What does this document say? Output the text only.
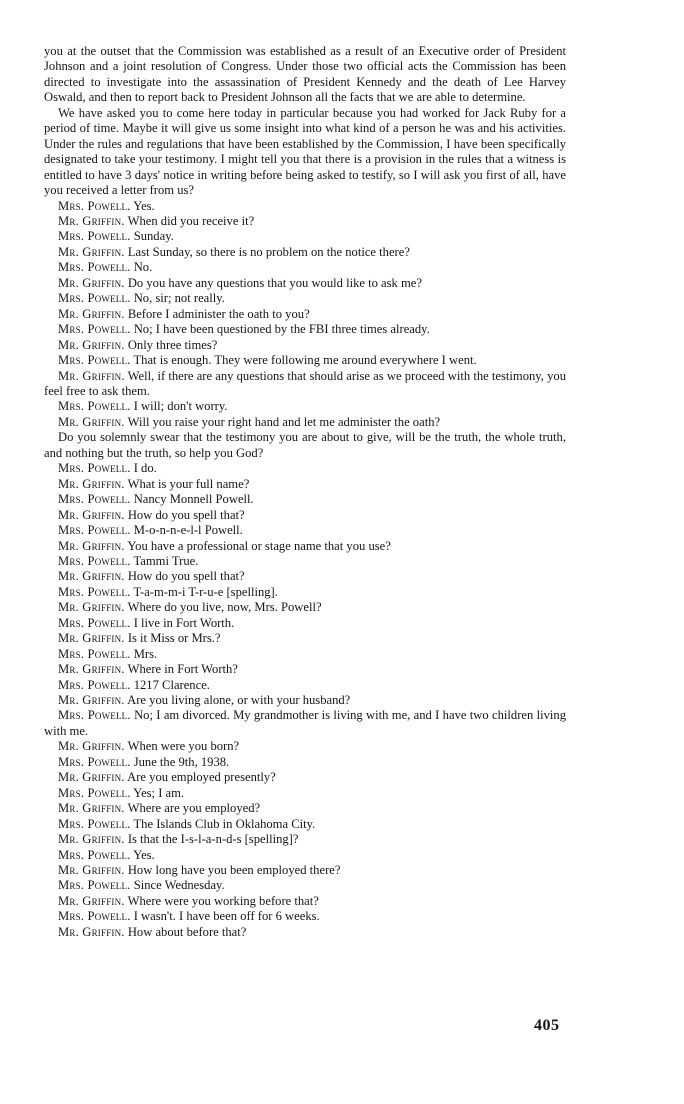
you at the outset that the Commission was established as a result of an Executive order of President Johnson and a joint resolution of Congress. Under those two official acts the Commission has been directed to investigate into the assassination of President Kennedy and the death of Lee Harvey Oswald, and then to report back to President Johnson all the facts that we are able to determine.

We have asked you to come here today in particular because you had worked for Jack Ruby for a period of time. Maybe it will give us some insight into what kind of a person he was and his activities. Under the rules and regulations that have been established by the Commission, I have been specifically designated to take your testimony. I might tell you that there is a provision in the rules that a witness is entitled to have 3 days' notice in writing before being asked to testify, so I will ask you first of all, have you received a letter from us?

Mrs. Powell. Yes.

Mr. Griffin. When did you receive it?

Mrs. Powell. Sunday.

Mr. Griffin. Last Sunday, so there is no problem on the notice there?

Mrs. Powell. No.

Mr. Griffin. Do you have any questions that you would like to ask me?

Mrs. Powell. No, sir; not really.

Mr. Griffin. Before I administer the oath to you?

Mrs. Powell. No; I have been questioned by the FBI three times already.

Mr. Griffin. Only three times?

Mrs. Powell. That is enough. They were following me around everywhere I went.

Mr. Griffin. Well, if there are any questions that should arise as we proceed with the testimony, you feel free to ask them.

Mrs. Powell. I will; don't worry.

Mr. Griffin. Will you raise your right hand and let me administer the oath?

Do you solemnly swear that the testimony you are about to give, will be the truth, the whole truth, and nothing but the truth, so help you God?

Mrs. Powell. I do.

Mr. Griffin. What is your full name?

Mrs. Powell. Nancy Monnell Powell.

Mr. Griffin. How do you spell that?

Mrs. Powell. M-o-n-n-e-l-l Powell.

Mr. Griffin. You have a professional or stage name that you use?

Mrs. Powell. Tammi True.

Mr. Griffin. How do you spell that?

Mrs. Powell. T-a-m-m-i T-r-u-e [spelling].

Mr. Griffin. Where do you live, now, Mrs. Powell?

Mrs. Powell. I live in Fort Worth.

Mr. Griffin. Is it Miss or Mrs.?

Mrs. Powell. Mrs.

Mr. Griffin. Where in Fort Worth?

Mrs. Powell. 1217 Clarence.

Mr. Griffin. Are you living alone, or with your husband?

Mrs. Powell. No; I am divorced. My grandmother is living with me, and I have two children living with me.

Mr. Griffin. When were you born?

Mrs. Powell. June the 9th, 1938.

Mr. Griffin. Are you employed presently?

Mrs. Powell. Yes; I am.

Mr. Griffin. Where are you employed?

Mrs. Powell. The Islands Club in Oklahoma City.

Mr. Griffin. Is that the I-s-l-a-n-d-s [spelling]?

Mrs. Powell. Yes.

Mr. Griffin. How long have you been employed there?

Mrs. Powell. Since Wednesday.

Mr. Griffin. Where were you working before that?

Mrs. Powell. I wasn't. I have been off for 6 weeks.

Mr. Griffin. How about before that?

405
